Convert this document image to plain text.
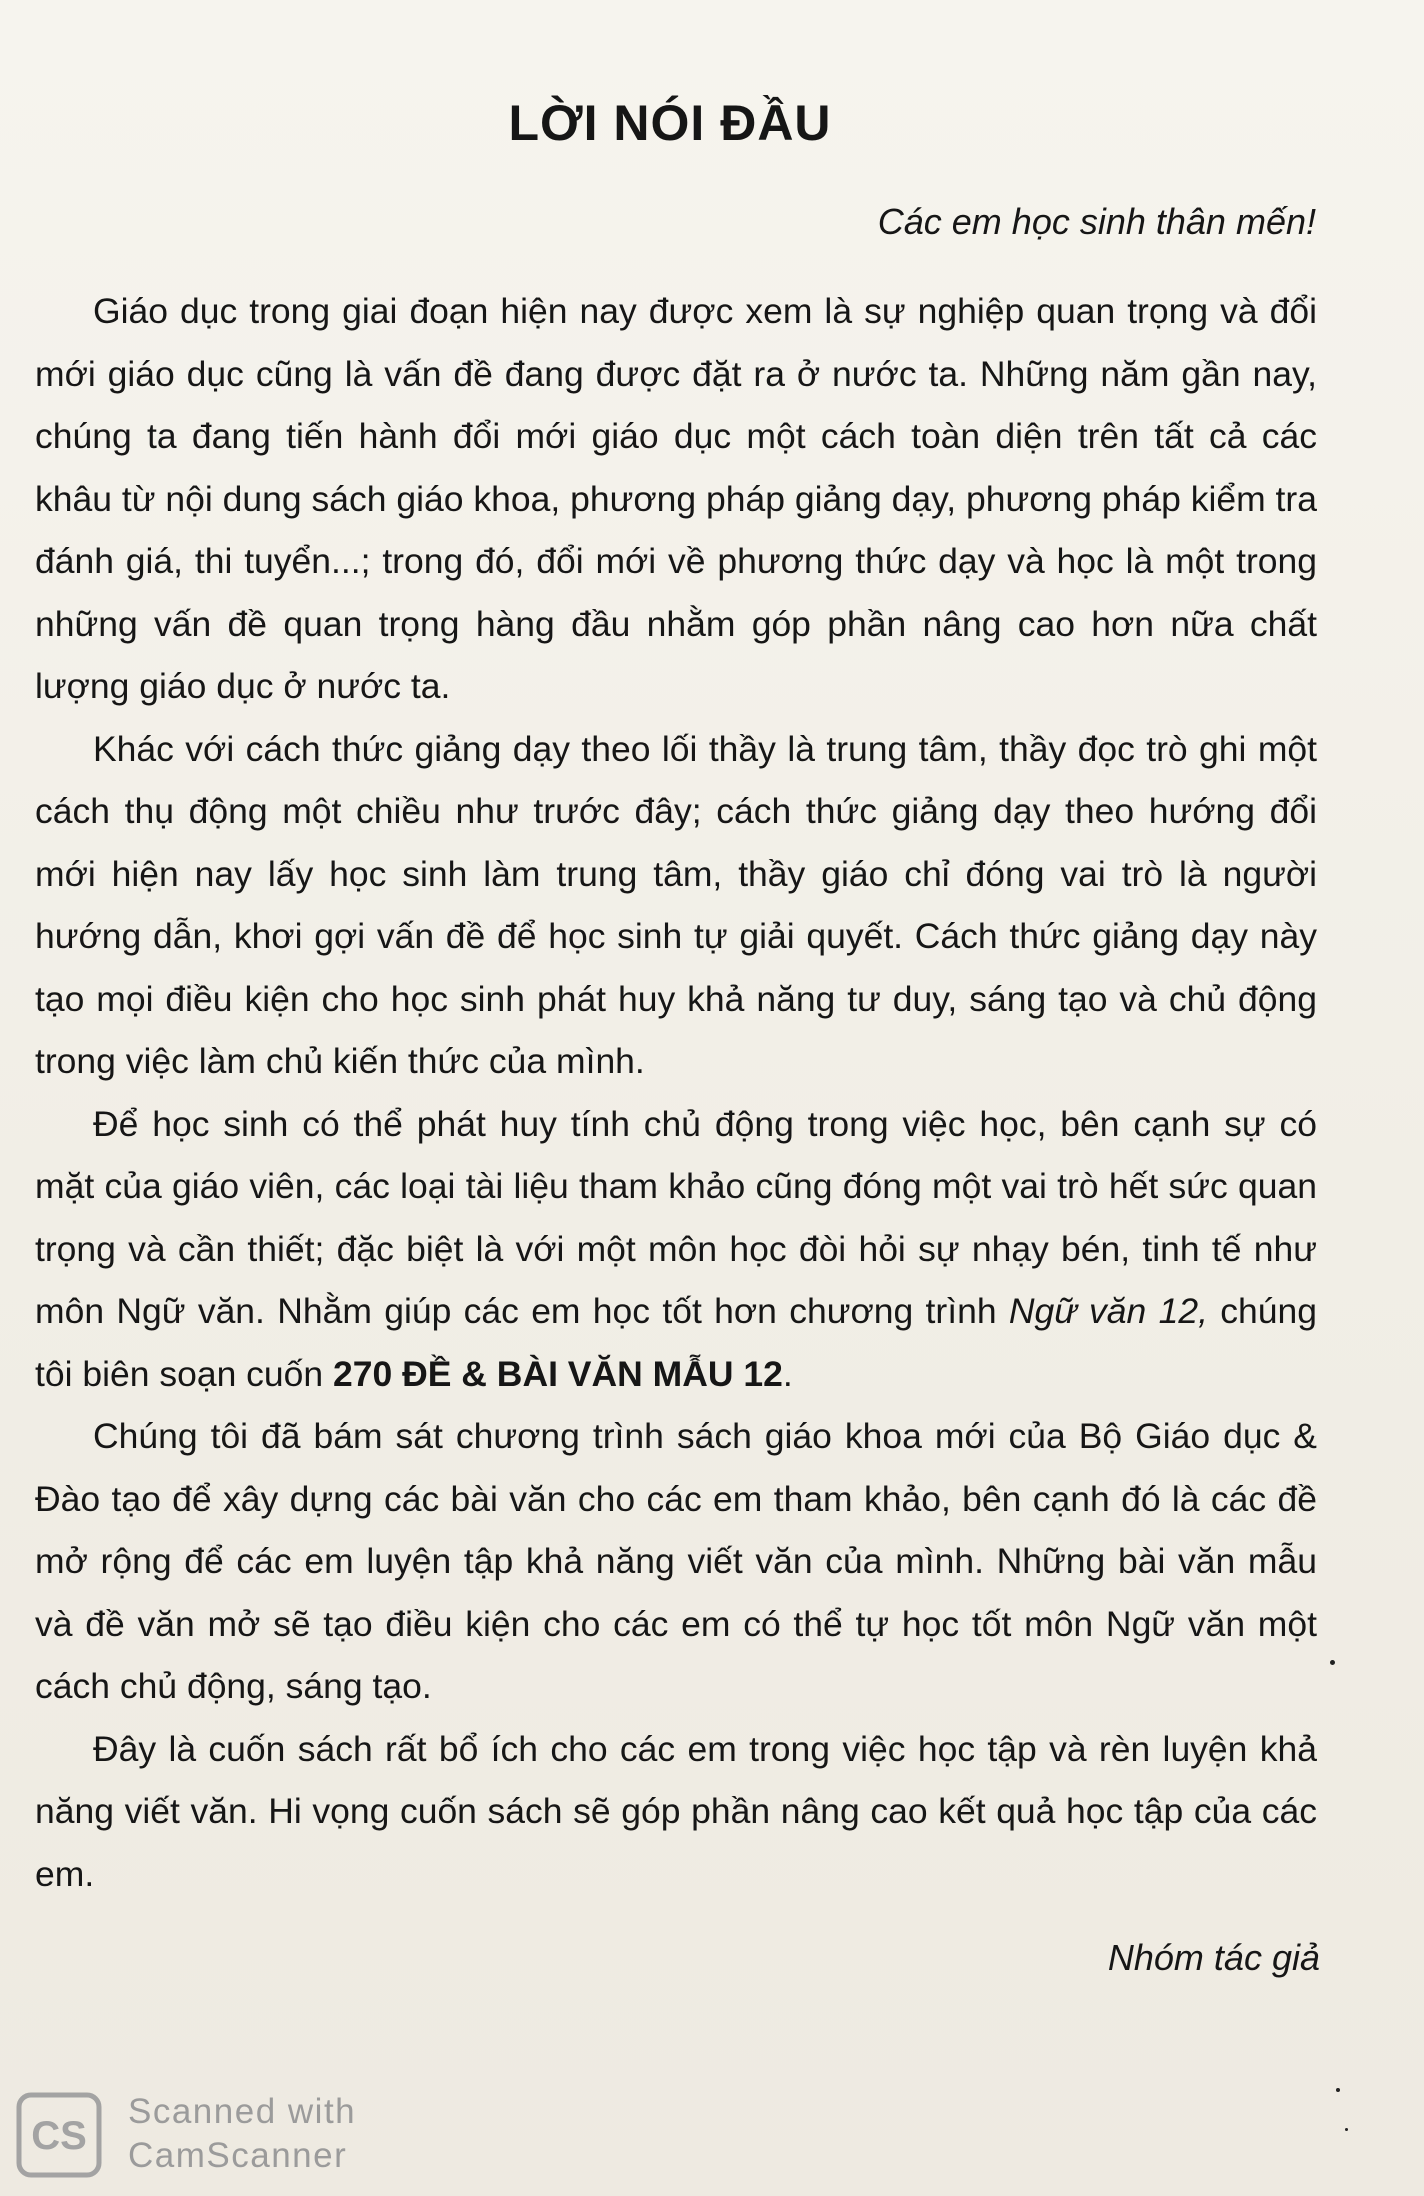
LỜI NÓI ĐẦU

Các em học sinh thân mến!

Giáo dục trong giai đoạn hiện nay được xem là sự nghiệp quan trọng và đổi mới giáo dục cũng là vấn đề đang được đặt ra ở nước ta. Những năm gần nay, chúng ta đang tiến hành đổi mới giáo dục một cách toàn diện trên tất cả các khâu từ nội dung sách giáo khoa, phương pháp giảng dạy, phương pháp kiểm tra đánh giá, thi tuyển...; trong đó, đổi mới về phương thức dạy và học là một trong những vấn đề quan trọng hàng đầu nhằm góp phần nâng cao hơn nữa chất lượng giáo dục ở nước ta.

Khác với cách thức giảng dạy theo lối thầy là trung tâm, thầy đọc trò ghi một cách thụ động một chiều như trước đây; cách thức giảng dạy theo hướng đổi mới hiện nay lấy học sinh làm trung tâm, thầy giáo chỉ đóng vai trò là người hướng dẫn, khơi gợi vấn đề để học sinh tự giải quyết. Cách thức giảng dạy này tạo mọi điều kiện cho học sinh phát huy khả năng tư duy, sáng tạo và chủ động trong việc làm chủ kiến thức của mình.

Để học sinh có thể phát huy tính chủ động trong việc học, bên cạnh sự có mặt của giáo viên, các loại tài liệu tham khảo cũng đóng một vai trò hết sức quan trọng và cần thiết; đặc biệt là với một môn học đòi hỏi sự nhạy bén, tinh tế như môn Ngữ văn. Nhằm giúp các em học tốt hơn chương trình Ngữ văn 12, chúng tôi biên soạn cuốn 270 ĐỀ & BÀI VĂN MẪU 12.

Chúng tôi đã bám sát chương trình sách giáo khoa mới của Bộ Giáo dục & Đào tạo để xây dựng các bài văn cho các em tham khảo, bên cạnh đó là các đề mở rộng để các em luyện tập khả năng viết văn của mình. Những bài văn mẫu và đề văn mở sẽ tạo điều kiện cho các em có thể tự học tốt môn Ngữ văn một cách chủ động, sáng tạo.

Đây là cuốn sách rất bổ ích cho các em trong việc học tập và rèn luyện khả năng viết văn. Hi vọng cuốn sách sẽ góp phần nâng cao kết quả học tập của các em.

Nhóm tác giả

CS
Scanned with
CamScanner
